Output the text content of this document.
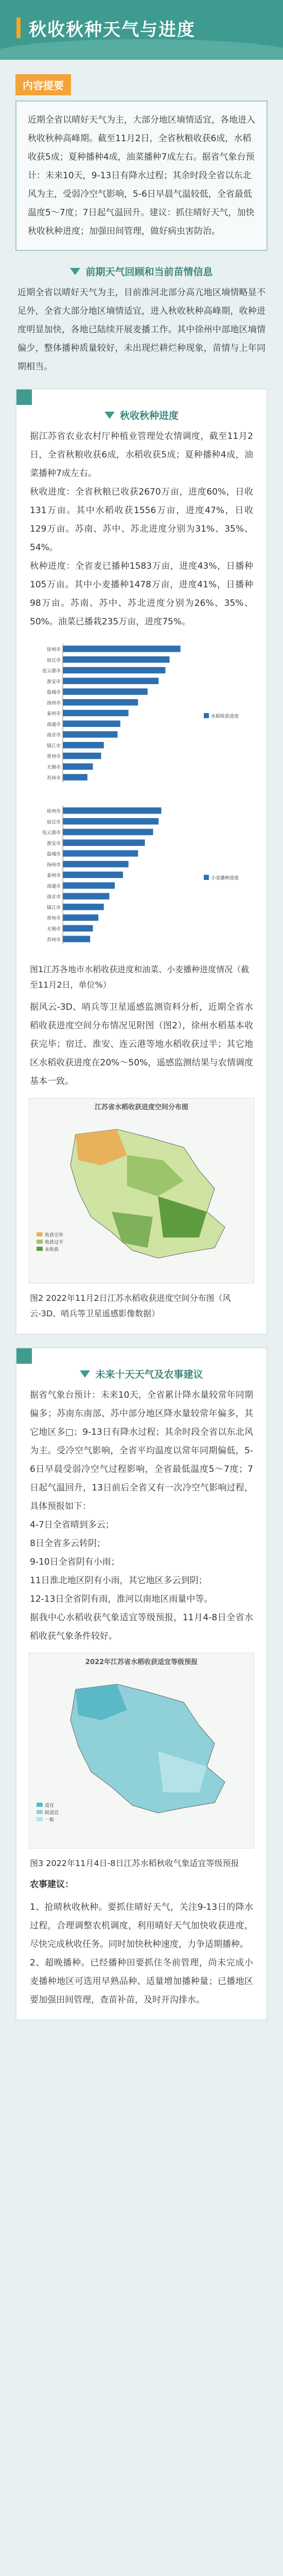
秋收秋种天气与进度
内容提要
近期全省以晴好天气为主，大部分地区墒情适宜，各地进入秋收秋种高峰期。截至11月2日，全省秋粮收获6成，水稻收获5成；夏种播种4成，油菜播种7成左右。据省气象台预计：未来10天，9-13日有降水过程；其余时段全省以东北风为主，受弱冷空气影响，5-6日早晨气温较低，全省最低温度5～7度；7日起气温回升。建议：抓住晴好天气，加快秋收秋种进度；加强田间管理，做好病虫害防治。
前期天气回顾和当前苗情信息

近期全省以晴好天气为主，目前淮河北部分高亢地区墒情略显不足外，全省大部分地区墒情适宜，进入秋收秋种高峰期，收种进度明显加快，各地已陆续开展麦播工作。其中徐州中部地区墒情偏少，整体播种质量较好，未出现烂耕烂种现象，苗情与上年同期相当。

秋收秋种进度

据江苏省农业农村厅种植业管理处农情调度，截至11月2日，全省秋粮收获6成，水稻收获5成；夏种播种4成，油菜播种7成左右。

秋收进度：全省秋粮已收获2670万亩，进度60%，日收131万亩。其中水稻收获1556万亩，进度47%，日收129万亩。苏南、苏中、苏北进度分别为31%、35%、54%。

秋种进度：全省麦已播种1583万亩，进度43%，日播种105万亩。其中小麦播种1478万亩，进度41%，日播种98万亩。苏南、苏中、苏北进度分别为26%、35%、50%。油菜已播栽235万亩，进度75%。

徐州市
宿迁市
连云港市
淮安市
盐城市
扬州市
泰州市
南通市
南京市
镇江市
常州市
无锡市
苏州市
水稻收获进度
徐州市
宿迁市
连云港市
淮安市
盐城市
扬州市
泰州市
南通市
南京市
镇江市
常州市
无锡市
苏州市
小麦播种进度

图1江苏各地市水稻收获进度和油菜、小麦播种进度情况（截至11月2日，单位%）

据风云-3D、哨兵等卫星遥感监测资料分析，近期全省水稻收获进度空间分布情况见附图（图2），徐州水稻基本收获完毕；宿迁、淮安、连云港等地水稻收获过半；其它地区水稻收获进度在20%～50%，遥感监测结果与农情调度基本一致。

江苏省水稻收获进度空间分布图
收获完毕
收获过半
未收获

图2 2022年11月2日江苏水稻收获进度空间分布图（风云-3D、哨兵等卫星遥感影像数据）

未来十天天气及农事建议

据省气象台预计：未来10天，全省累计降水量较常年同期偏多；苏南东南部、苏中部分地区降水量较常年偏多，其它地区多□；9-13日有降水过程；其余时段全省以东北风为主。受冷空气影响，全省平均温度以常年同期偏低，5-6日早晨受弱冷空气过程影响，全省最低温度5～7度；7日起气温回升，13日前后全省又有一次冷空气影响过程，具体预报如下：

4-7日全省晴到多云；

8日全省多云转阴；

9-10日全省阴有小雨；

11日淮北地区阴有小雨，其它地区多云到阴；

12-13日全省阴有雨，淮河以南地区雨量中等。

据我中心水稻收获气象适宜等级预报，11月4-8日全省水稻收获气象条件较好。

2022年江苏省水稻收获适宜等级预报
适宜
较适宜
一般

图3 2022年11月4日-8日江苏水稻秋收气象适宜等级预报

农事建议：

1、抢晴秋收秋种。要抓住晴好天气，关注9-13日的降水过程，合理调整农机调度，利用晴好天气加快收获进度，尽快完成秋收任务。同时加快秋种速度，力争适期播种。

2、超晚播种。已经播种田要抓住冬前管理，尚未完成小麦播种地区可选用早熟品种、适量增加播种量；已播地区要加强田间管理，查苗补苗，及时开沟排水。
